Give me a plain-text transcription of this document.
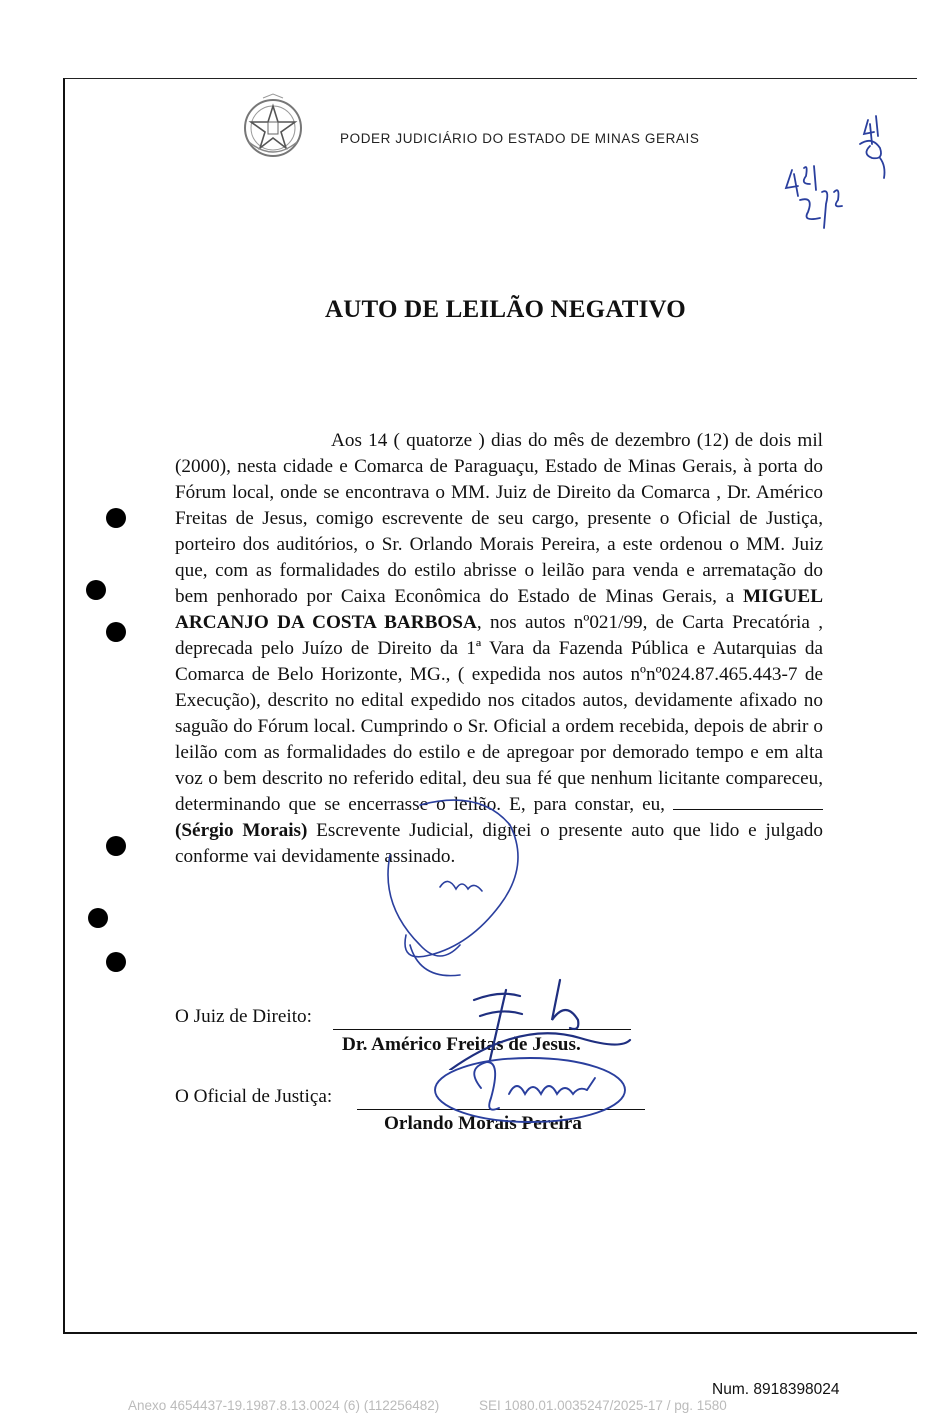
PODER JUDICIÁRIO DO ESTADO DE MINAS GERAIS
AUTO DE LEILÃO NEGATIVO

Aos 14 ( quatorze ) dias do mês de dezembro (12) de dois mil (2000), nesta cidade e Comarca de Paraguaçu, Estado de Minas Gerais, à porta do Fórum local, onde se encontrava o MM. Juiz de Direito da Comarca , Dr. Américo Freitas de Jesus, comigo escrevente de seu cargo, presente o Oficial de Justiça, porteiro dos auditórios, o Sr. Orlando Morais Pereira, a este ordenou o MM. Juiz que, com as formalidades do estilo abrisse o leilão para venda e arrematação do bem penhorado por Caixa Econômica do Estado de Minas Gerais, a MIGUEL ARCANJO DA COSTA BARBOSA, nos autos nº021/99, de Carta Precatória , deprecada pelo Juízo de Direito da 1ª Vara da Fazenda Pública e Autarquias da Comarca de Belo Horizonte, MG., ( expedida nos autos nºnº024.87.465.443-7 de Execução), descrito no edital expedido nos citados autos, devidamente afixado no saguão do Fórum local. Cumprindo o Sr. Oficial a ordem recebida, depois de abrir o leilão com as formalidades do estilo e de apregoar por demorado tempo e em alta voz o bem descrito no referido edital, deu sua fé que nenhum licitante compareceu, determinando que se encerrasse o leilão. E, para constar, eu,  (Sérgio Morais) Escrevente Judicial, digitei o presente auto que lido e julgado conforme vai devidamente assinado.

O Juiz de Direito:
Dr. Américo Freitas de Jesus.
O Oficial de Justiça:
Orlando Morais Pereira
Num. 8918398024
Anexo 4654437-19.1987.8.13.0024 (6) (112256482)	SEI 1080.01.0035247/2025-17 / pg. 1580
